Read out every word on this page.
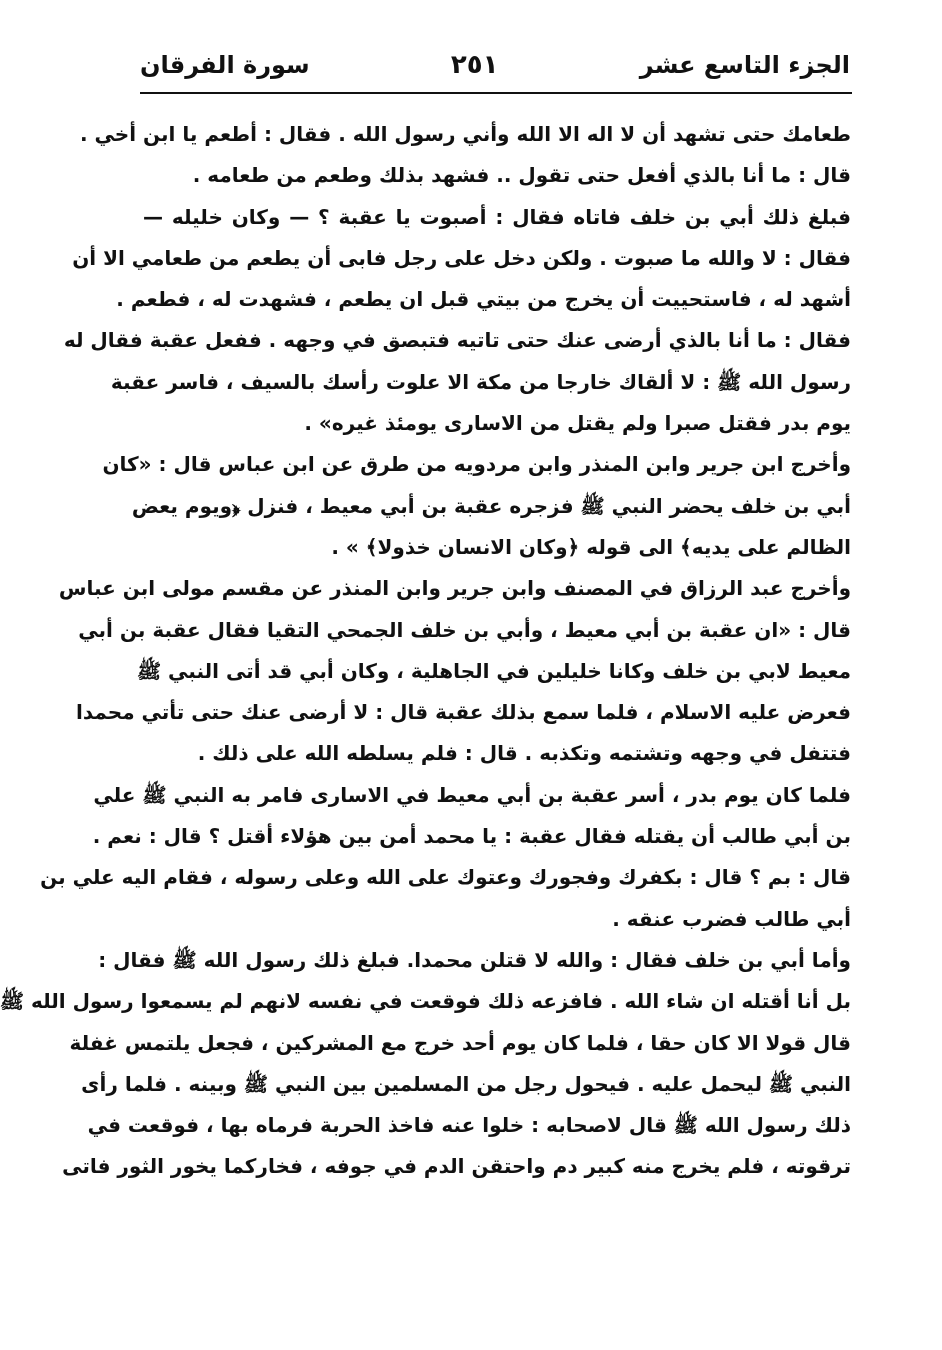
الجزء التاسع عشر
٢٥١
سورة الفرقان
طعامك حتى تشهد أن لا اله الا الله وأني رسول الله . فقال : أطعم يا ابن أخي .
قال : ما أنا بالذي أفعل حتى تقول .. فشهد بذلك وطعم من طعامه .
فبلغ ذلك أبي بن خلف فاتاه فقال : أصبوت يا عقبة ؟ — وكان خليله —
فقال : لا والله ما صبوت . ولكن دخل على رجل فابى أن يطعم من طعامي الا أن
أشهد له ، فاستحييت أن يخرج من بيتي قبل ان يطعم ، فشهدت له ، فطعم .
فقال : ما أنا بالذي أرضى عنك حتى تاتيه فتبصق في وجهه . ففعل عقبة فقال له
رسول الله ﷺ : لا ألقاك خارجا من مكة الا علوت رأسك بالسيف ، فاسر عقبة
يوم بدر فقتل صبرا ولم يقتل من الاسارى يومئذ غيره» .
وأخرج ابن جرير وابن المنذر وابن مردويه من طرق عن ابن عباس قال : «كان
أبي بن خلف يحضر النبي ﷺ فزجره عقبة بن أبي معيط ، فنزل ﴿ويوم يعض
الظالم على يديه﴾ الى قوله ﴿وكان الانسان خذولا﴾ » .
وأخرج عبد الرزاق في المصنف وابن جرير وابن المنذر عن مقسم مولى ابن عباس
قال : «ان عقبة بن أبي معيط ، وأبي بن خلف الجمحي التقيا فقال عقبة بن أبي
معيط لابي بن خلف وكانا خليلين في الجاهلية ، وكان أبي قد أتى النبي ﷺ
فعرض عليه الاسلام ، فلما سمع بذلك عقبة قال : لا أرضى عنك حتى تأتي محمدا
فتتفل في وجهه وتشتمه وتكذبه . قال : فلم يسلطه الله على ذلك .
فلما كان يوم بدر ، أسر عقبة بن أبي معيط في الاسارى فامر به النبي ﷺ علي
بن أبي طالب أن يقتله فقال عقبة : يا محمد أمن بين هؤلاء أقتل ؟ قال : نعم .
قال : بم ؟ قال : بكفرك وفجورك وعتوك على الله وعلى رسوله ، فقام اليه علي بن
أبي طالب فضرب عنقه .
وأما أبي بن خلف فقال : والله لا قتلن محمدا. فبلغ ذلك رسول الله ﷺ فقال :
بل أنا أقتله ان شاء الله . فافزعه ذلك فوقعت في نفسه لانهم لم يسمعوا رسول الله ﷺ
قال قولا الا كان حقا ، فلما كان يوم أحد خرج مع المشركين ، فجعل يلتمس غفلة
النبي ﷺ ليحمل عليه . فيحول رجل من المسلمين بين النبي ﷺ وبينه . فلما رأى
ذلك رسول الله ﷺ قال لاصحابه : خلوا عنه فاخذ الحربة فرماه بها ، فوقعت في
ترقوته ، فلم يخرج منه كبير دم واحتقن الدم في جوفه ، فخاركما يخور الثور فاتى
